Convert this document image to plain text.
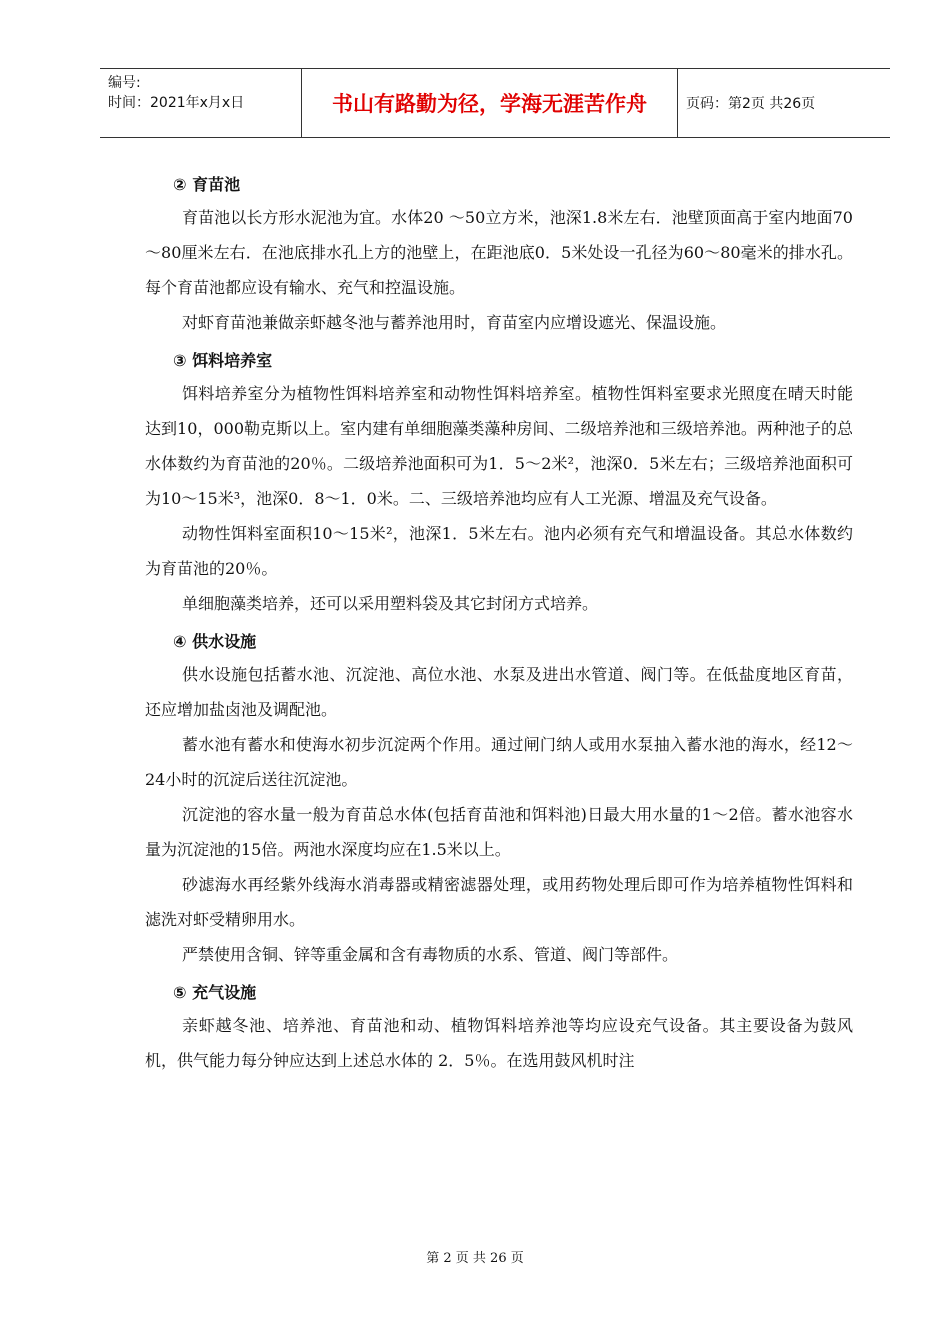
编号:
时间：2021年x月x日	书山有路勤为径，学海无涯苦作舟	页码：第2页 共26页
② 育苗池

育苗池以长方形水泥池为宜。水体20 ～50立方米，池深1.8米左右．池壁顶面高于室内地面70～80厘米左右．在池底排水孔上方的池壁上，在距池底0．5米处设一孔径为60～80毫米的排水孔。每个育苗池都应设有输水、充气和控温设施。

对虾育苗池兼做亲虾越冬池与蓄养池用时，育苗室内应增设遮光、保温设施。

③ 饵料培养室

饵料培养室分为植物性饵料培养室和动物性饵料培养室。植物性饵料室要求光照度在晴天时能达到10，000勒克斯以上。室内建有单细胞藻类藻种房间、二级培养池和三级培养池。两种池子的总水体数约为育苗池的20％。二级培养池面积可为1．5～2米²，池深0．5米左右；三级培养池面积可为10～15米³，池深0．8～1．0米。二、三级培养池均应有人工光源、增温及充气设备。

动物性饵料室面积10～15米²，池深1．5米左右。池内必须有充气和增温设备。其总水体数约为育苗池的20％。

单细胞藻类培养，还可以采用塑料袋及其它封闭方式培养。

④ 供水设施

供水设施包括蓄水池、沉淀池、高位水池、水泵及进出水管道、阀门等。在低盐度地区育苗，还应增加盐卤池及调配池。

蓄水池有蓄水和使海水初步沉淀两个作用。通过闸门纳人或用水泵抽入蓄水池的海水，经12～24小时的沉淀后送往沉淀池。

沉淀池的容水量一般为育苗总水体(包括育苗池和饵料池)日最大用水量的1～2倍。蓄水池容水量为沉淀池的15倍。两池水深度均应在1.5米以上。

砂滤海水再经紫外线海水消毒器或精密滤器处理，或用药物处理后即可作为培养植物性饵料和滤洗对虾受精卵用水。

严禁使用含铜、锌等重金属和含有毒物质的水系、管道、阀门等部件。

⑤ 充气设施

亲虾越冬池、培养池、育苗池和动、植物饵料培养池等均应设充气设备。其主要设备为鼓风机，供气能力每分钟应达到上述总水体的 2．5％。在选用鼓风机时注

第 2 页 共 26 页
